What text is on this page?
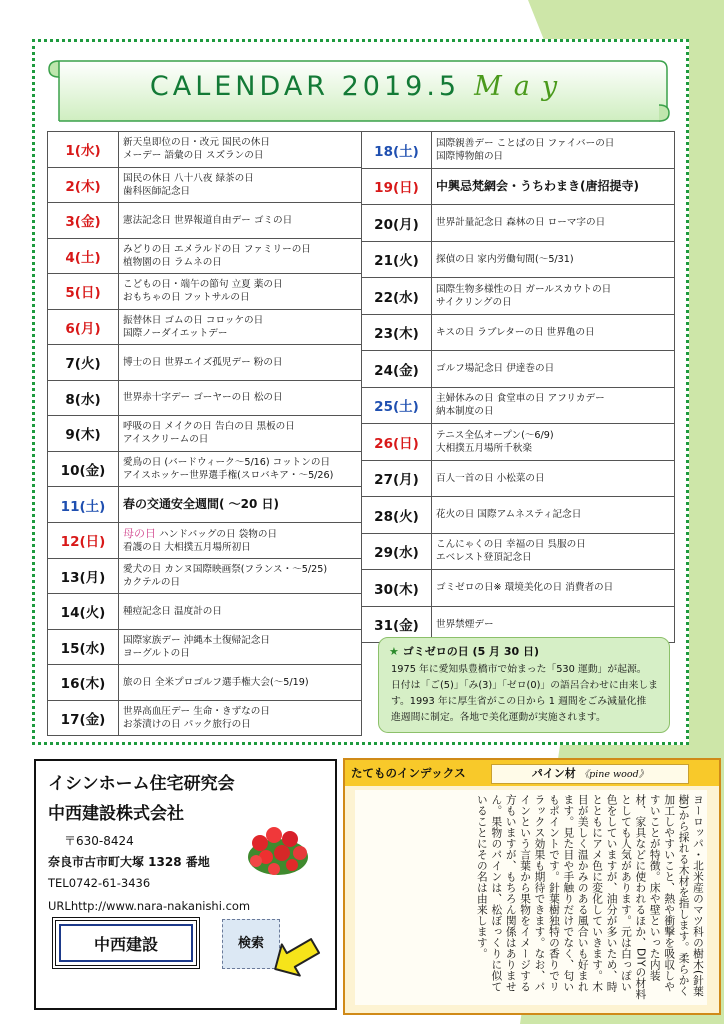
CALENDAR 2019.5 May
1(水)	新天皇即位の日・改元 国民の休日
メーデー 語彙の日 スズランの日

2(木)	国民の休日 八十八夜 緑茶の日
歯科医師記念日

3(金)	憲法記念日 世界報道自由デー ゴミの日

4(土)	みどりの日 エメラルドの日 ファミリーの日
植物園の日 ラムネの日

5(日)	こどもの日・端午の節句 立夏 薬の日
おもちゃの日 フットサルの日

6(月)	振替休日 ゴムの日 コロッケの日
国際ノーダイエットデー

7(火)	博士の日 世界エイズ孤児デー 粉の日

8(水)	世界赤十字デー ゴーヤーの日 松の日

9(木)	呼吸の日 メイクの日 告白の日 黒板の日
アイスクリームの日

10(金)	愛鳥の日 (バードウィーク～5/16) コットンの日
アイスホッケー世界選手権(スロバキア・～5/26)

11(土)	春の交通安全週間( ～20 日)

12(日)	母の日 ハンドバッグの日 袋物の日
看護の日 大相撲五月場所初日

13(月)	愛犬の日 カンヌ国際映画祭(フランス・～5/25)
カクテルの日

14(火)	種痘記念日 温度計の日

15(水)	国際家族デー 沖縄本土復帰記念日
ヨーグルトの日

16(木)	旅の日 全米プロゴルフ選手権大会(～5/19)

17(金)	世界高血圧デー 生命・きずなの日
お茶漬けの日 パック旅行の日
18(土)	国際親善デー ことばの日 ファイバーの日
国際博物館の日

19(日)	中興忌梵網会・うちわまき(唐招提寺)

20(月)	世界計量記念日 森林の日 ローマ字の日

21(火)	探偵の日 家内労働旬間(～5/31)

22(水)	国際生物多様性の日 ガールスカウトの日
サイクリングの日

23(木)	キスの日 ラブレターの日 世界亀の日

24(金)	ゴルフ場記念日 伊達巻の日

25(土)	主婦休みの日 食堂車の日 アフリカデー
納本制度の日

26(日)	テニス全仏オープン(～6/9)
大相撲五月場所千秋楽

27(月)	百人一首の日 小松菜の日

28(火)	花火の日 国際アムネスティ記念日

29(水)	こんにゃくの日 幸福の日 呉服の日
エベレスト登頂記念日

30(木)	ゴミゼロの日※ 環境美化の日 消費者の日

31(金)	世界禁煙デー
★ ゴミゼロの日 (5 月 30 日)
1975 年に愛知県豊橋市で始まった「530 運動」が起源。
日付は「ご(5)」「み(3)」「ゼロ(0)」の語呂合わせに由来しま
す。1993 年に厚生省がこの日から 1 週間をごみ減量化推
進週間に制定。各地で美化運動が実施されます。
イシンホーム住宅研究会
中西建設株式会社
〒630-8424
奈良市古市町大塚 1328 番地
TEL0742-61-3436
URLhttp://www.nara-nakanishi.com
中西建設	検索
たてものインデックス	パイン材 《pine wood》
ヨーロッパ・北米産のマツ科の樹木(針葉樹)から採れる木材を指します。柔らかく加工しやすいこと、熱や衝撃を吸収しやすいことが特徴。床や壁といった内装材、家具などに使われるほか、DIYの材料としても人気があります。元は白っぽい色をしていますが、油分が多いため、時とともにアメ色に変化していきます。木目が美しく温かみのある風合いも好まれます。見た目や手触りだけでなく、匂いもポイントです。針葉樹独特の香りでリラックス効果も期待できます。なお、パインという言葉から果物をイメージする方もいますが、もちろん関係はありません。果物のパインは、松ぼっくりに似ていることにその名は由来します。
